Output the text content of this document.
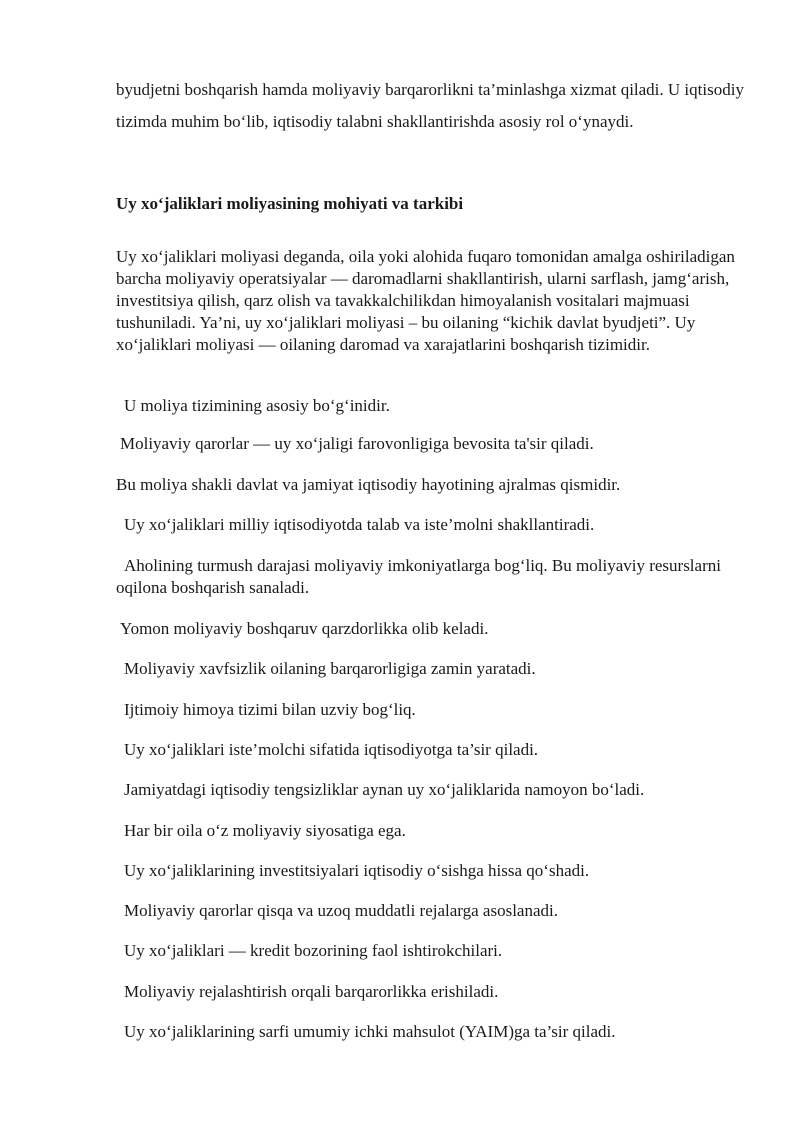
byudjetni boshqarish hamda moliyaviy barqarorlikni ta’minlashga xizmat qiladi. U iqtisodiy tizimda muhim bo‘lib, iqtisodiy talabni shakllantirishda asosiy rol o‘ynaydi.

Uy xo‘jaliklari moliyasining mohiyati va tarkibi

Uy xo‘jaliklari moliyasi deganda, oila yoki alohida fuqaro tomonidan amalga oshiriladigan barcha moliyaviy operatsiyalar — daromadlarni shakllantirish, ularni sarflash, jamg‘arish, investitsiya qilish, qarz olish va tavakkalchilikdan himoyalanish vositalari majmuasi tushuniladi. Ya’ni, uy xo‘jaliklari moliyasi – bu oilaning “kichik davlat byudjeti”. Uy xo‘jaliklari moliyasi — oilaning daromad va xarajatlarini boshqarish tizimidir.

U moliya tizimining asosiy bo‘g‘inidir.

Moliyaviy qarorlar — uy xo‘jaligi farovonligiga bevosita ta'sir qiladi.

Bu moliya shakli davlat va jamiyat iqtisodiy hayotining ajralmas qismidir.

Uy xo‘jaliklari milliy iqtisodiyotda talab va iste’molni shakllantiradi.

Aholining turmush darajasi moliyaviy imkoniyatlarga bog‘liq. Bu moliyaviy resurslarni oqilona boshqarish sanaladi.

Yomon moliyaviy boshqaruv qarzdorlikka olib keladi.

Moliyaviy xavfsizlik oilaning barqarorligiga zamin yaratadi.

Ijtimoiy himoya tizimi bilan uzviy bog‘liq.

Uy xo‘jaliklari iste’molchi sifatida iqtisodiyotga ta’sir qiladi.

Jamiyatdagi iqtisodiy tengsizliklar aynan uy xo‘jaliklarida namoyon bo‘ladi.

Har bir oila o‘z moliyaviy siyosatiga ega.

Uy xo‘jaliklarining investitsiyalari iqtisodiy o‘sishga hissa qo‘shadi.

Moliyaviy qarorlar qisqa va uzoq muddatli rejalarga asoslanadi.

Uy xo‘jaliklari — kredit bozorining faol ishtirokchilari.

Moliyaviy rejalashtirish orqali barqarorlikka erishiladi.

Uy xo‘jaliklarining sarfi umumiy ichki mahsulot (YAIM)ga ta’sir qiladi.
